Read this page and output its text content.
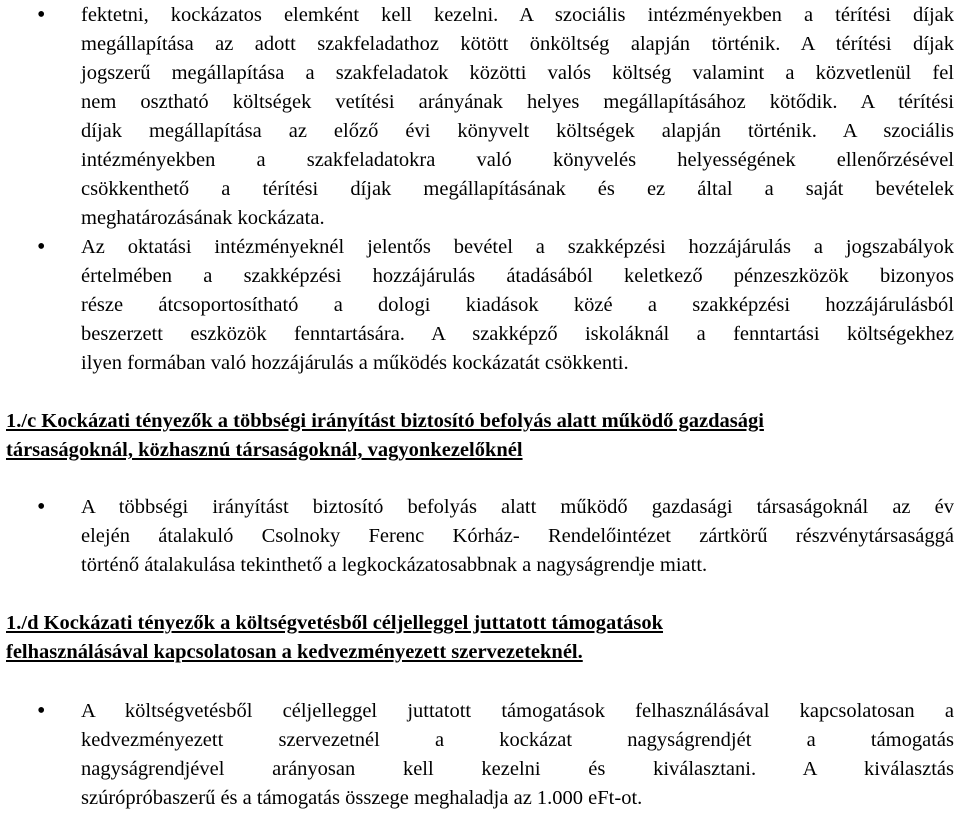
• fektetni, kockázatos elemként kell kezelni. A szociális intézményekben a térítési díjak
megállapítása az adott szakfeladathoz kötött önköltség alapján történik. A térítési díjak
jogszerű megállapítása a szakfeladatok közötti valós költség valamint a közvetlenül fel
nem osztható költségek vetítési arányának helyes megállapításához kötődik. A térítési
díjak megállapítása az előző évi könyvelt költségek alapján történik. A szociális
intézményekben a szakfeladatokra való könyvelés helyességének ellenőrzésével
csökkenthető a térítési díjak megállapításának és ez által a saját bevételek
meghatározásának kockázata.
• Az oktatási intézményeknél jelentős bevétel a szakképzési hozzájárulás a jogszabályok
értelmében a szakképzési hozzájárulás átadásából keletkező pénzeszközök bizonyos
része átcsoportosítható a dologi kiadások közé a szakképzési hozzájárulásból
beszerzett eszközök fenntartására. A szakképző iskoláknál a fenntartási költségekhez
ilyen formában való hozzájárulás a működés kockázatát csökkenti.
1./c Kockázati tényezők a többségi irányítást biztosító befolyás alatt működő gazdasági
társaságoknál, közhasznú társaságoknál, vagyonkezelőknél
• A többségi irányítást biztosító befolyás alatt működő gazdasági társaságoknál az év
elején átalakuló Csolnoky Ferenc Kórház- Rendelőintézet zártkörű részvénytársasággá
történő átalakulása tekinthető a legkockázatosabbnak a nagyságrendje miatt.
1./d Kockázati tényezők a költségvetésből céljelleggel juttatott támogatások
felhasználásával kapcsolatosan a kedvezményezett szervezeteknél.
• A költségvetésből céljelleggel juttatott támogatások felhasználásával kapcsolatosan a
kedvezményezett szervezetnél a kockázat nagyságrendjét a támogatás
nagyságrendjével arányosan kell kezelni és kiválasztani. A kiválasztás
szúrópróbaszerű és a támogatás összege meghaladja az 1.000 eFt-ot.
